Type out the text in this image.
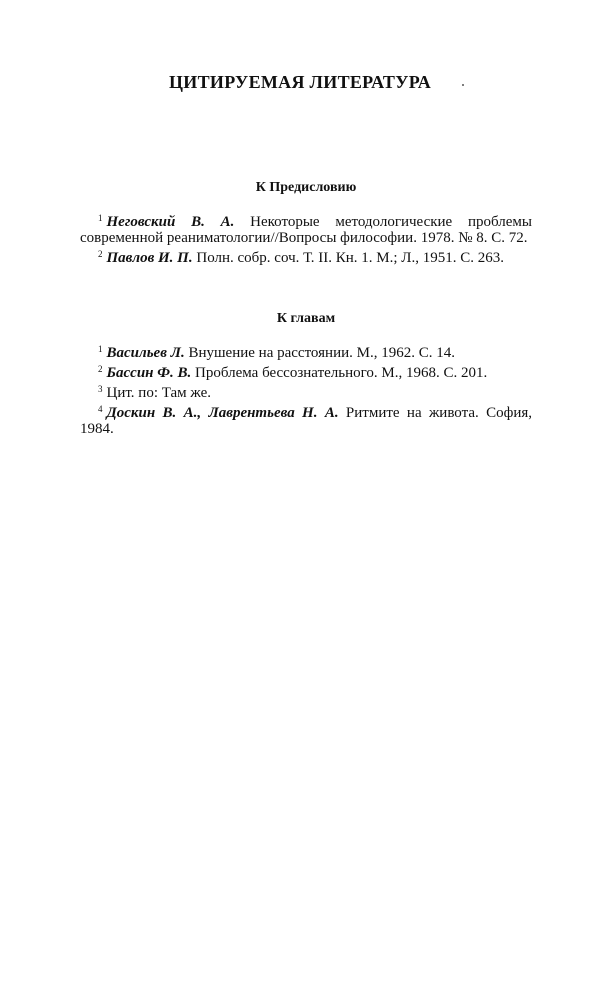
ЦИТИРУЕМАЯ ЛИТЕРАТУРА
К Предисловию
$^1$ Неговский В. А. Некоторые методологические проблемы современной реаниматологии//Вопросы философии. 1978. № 8. С. 72.
$^2$ Павлов И. П. Полн. собр. соч. Т. II. Кн. 1. М.; Л., 1951. С. 263.
К главам
$^1$ Васильев Л. Внушение на расстоянии. М., 1962. С. 14.
$^2$ Бассин Ф. В. Проблема бессознательного. М., 1968. С. 201.
$^3$ Цит. по: Там же.
$^4$ Доскин В. А., Лаврентьева Н. А. Ритмите на живота. София, 1984.
